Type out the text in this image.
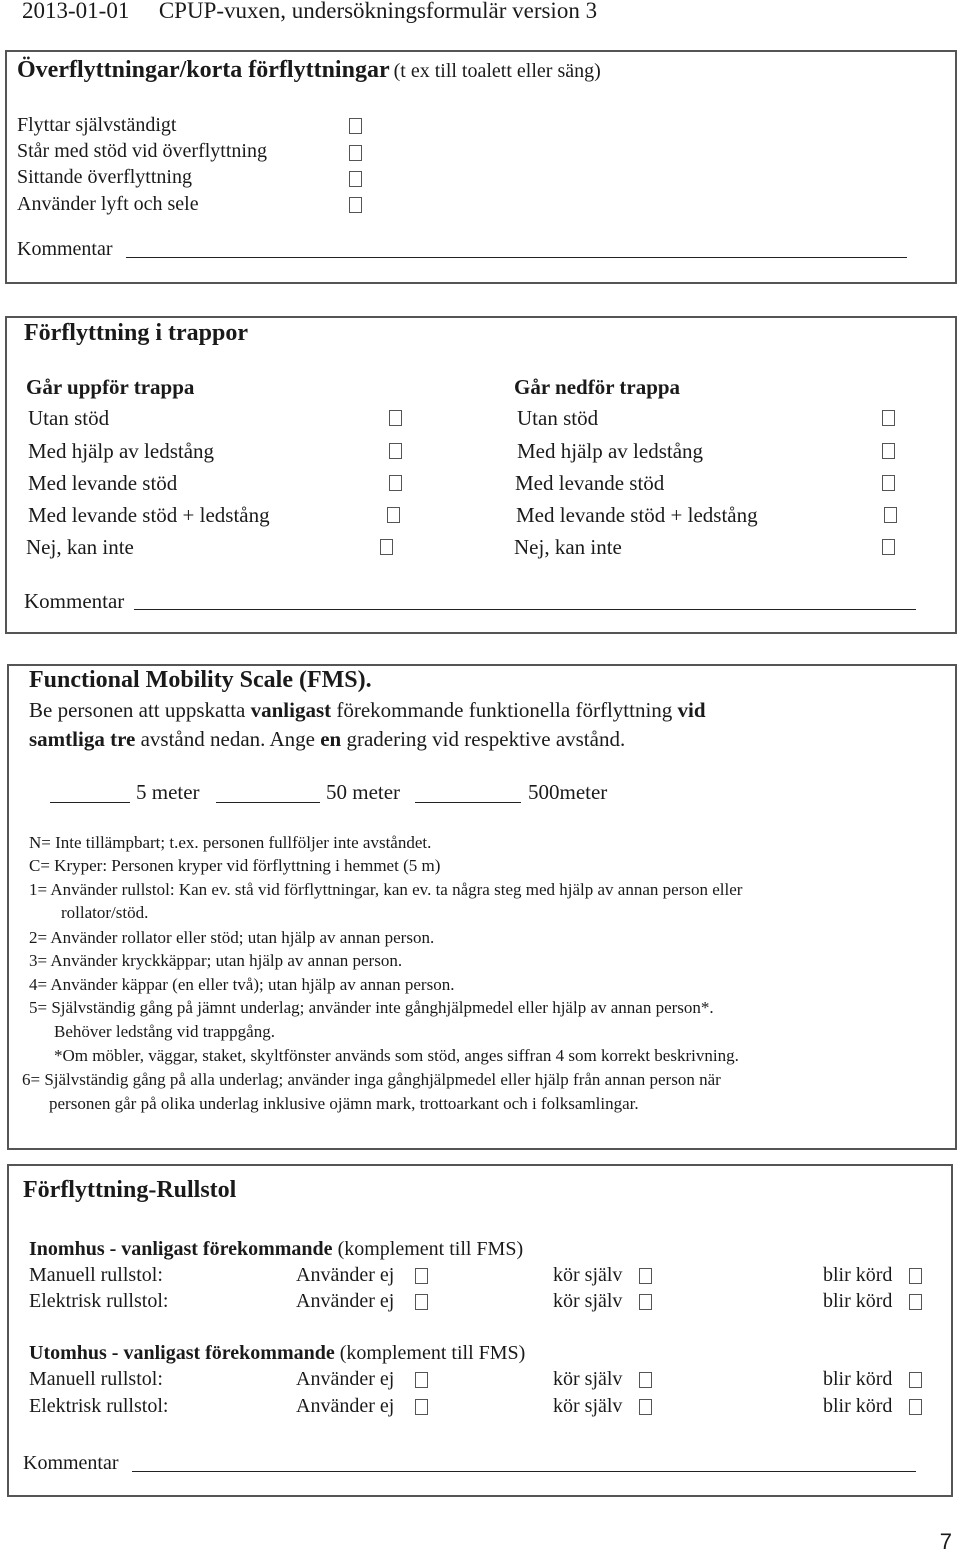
2013-01-01 CPUP-vuxen, undersökningsformulär version 3
Överflyttningar/korta förflyttningar (t ex till toalett eller säng)
Flyttar självständigt
Står med stöd vid överflyttning
Sittande överflyttning
Använder lyft och sele
Kommentar
Förflyttning i trappor
Går uppför trappa	Går nedför trappa
Utan stöd	Utan stöd
Med hjälp av ledstång	Med hjälp av ledstång
Med levande stöd	Med levande stöd
Med levande stöd + ledstång	Med levande stöd + ledstång
Nej, kan inte	Nej, kan inte
Kommentar
Functional Mobility Scale (FMS).
Be personen att uppskatta vanligast förekommande funktionella förflyttning vid
samtliga tre avstånd nedan. Ange en gradering vid respektive avstånd.
5 meter	50 meter	500meter
N= Inte tillämpbart; t.ex. personen fullföljer inte avståndet.
C= Kryper: Personen kryper vid förflyttning i hemmet (5 m)
1= Använder rullstol: Kan ev. stå vid förflyttningar, kan ev. ta några steg med hjälp av annan person eller
rollator/stöd.
2= Använder rollator eller stöd; utan hjälp av annan person.
3= Använder kryckkäppar; utan hjälp av annan person.
4= Använder käppar (en eller två); utan hjälp av annan person.
5= Självständig gång på jämnt underlag; använder inte gånghjälpmedel eller hjälp av annan person*.
Behöver ledstång vid trappgång.
*Om möbler, väggar, staket, skyltfönster används som stöd, anges siffran 4 som korrekt beskrivning.
6= Självständig gång på alla underlag; använder inga gånghjälpmedel eller hjälp från annan person när
personen går på olika underlag inklusive ojämn mark, trottoarkant och i folksamlingar.
Förflyttning-Rullstol
Inomhus - vanligast förekommande (komplement till FMS)
Manuell rullstol:	Använder ej	kör själv	blir körd
Elektrisk rullstol:	Använder ej	kör själv	blir körd
Utomhus - vanligast förekommande (komplement till FMS)
Manuell rullstol:	Använder ej	kör själv	blir körd
Elektrisk rullstol:	Använder ej	kör själv	blir körd
Kommentar
7
